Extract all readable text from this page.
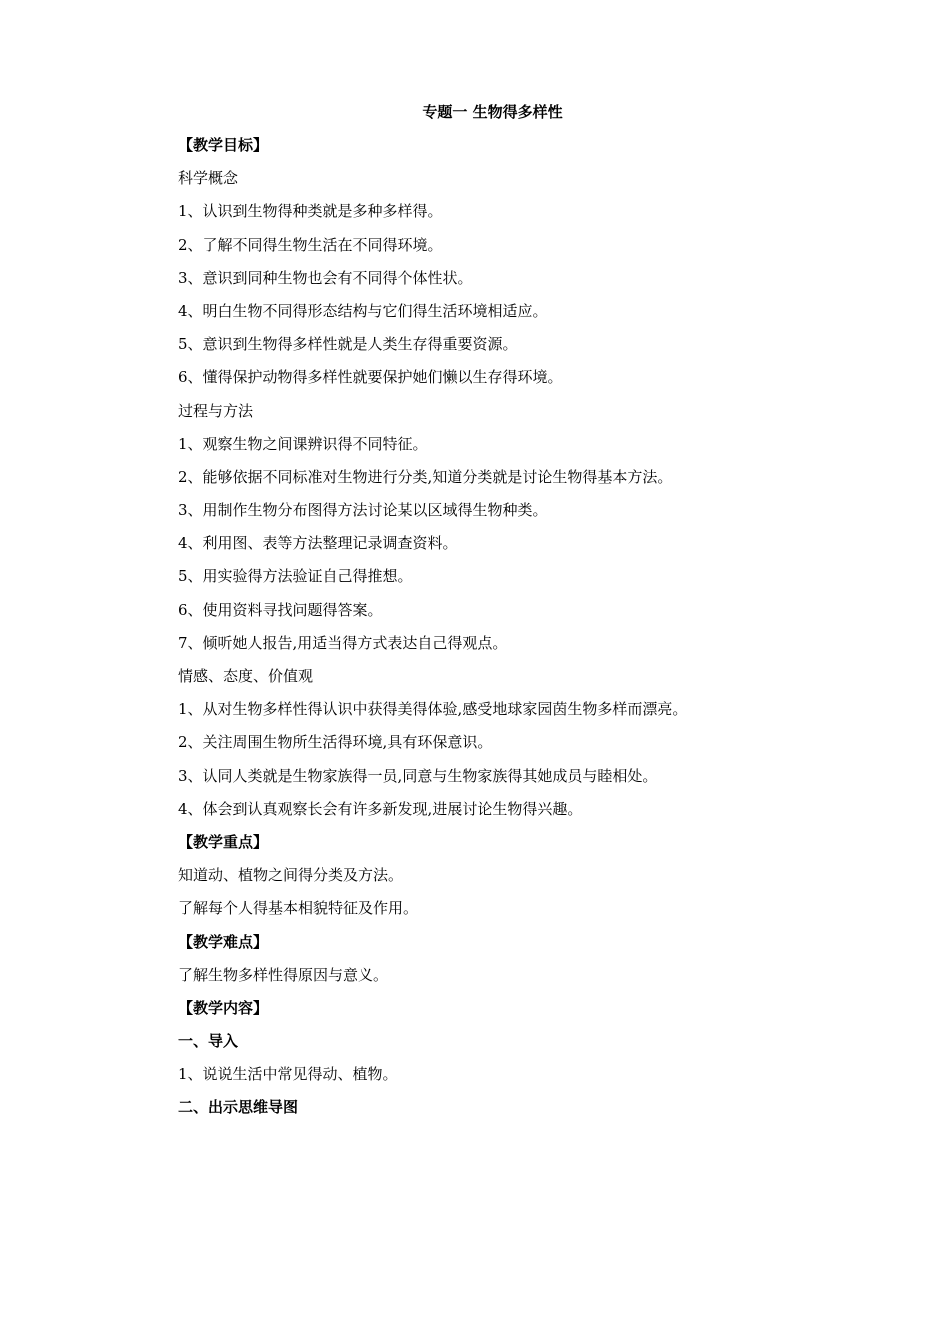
专题一 生物得多样性
【教学目标】
科学概念
1、认识到生物得种类就是多种多样得。
2、了解不同得生物生活在不同得环境。
3、意识到同种生物也会有不同得个体性状。
4、明白生物不同得形态结构与它们得生活环境相适应。
5、意识到生物得多样性就是人类生存得重要资源。
6、懂得保护动物得多样性就要保护她们懒以生存得环境。
过程与方法
1、观察生物之间课辨识得不同特征。
2、能够依据不同标准对生物进行分类,知道分类就是讨论生物得基本方法。
3、用制作生物分布图得方法讨论某以区域得生物种类。
4、利用图、表等方法整理记录调查资料。
5、用实验得方法验证自己得推想。
6、使用资料寻找问题得答案。
7、倾听她人报告,用适当得方式表达自己得观点。
情感、态度、价值观
1、从对生物多样性得认识中获得美得体验,感受地球家园茵生物多样而漂亮。
2、关注周围生物所生活得环境,具有环保意识。
3、认同人类就是生物家族得一员,同意与生物家族得其她成员与睦相处。
4、体会到认真观察长会有许多新发现,进展讨论生物得兴趣。
【教学重点】
知道动、植物之间得分类及方法。
了解每个人得基本相貌特征及作用。
【教学难点】
了解生物多样性得原因与意义。
【教学内容】
一、导入
1、说说生活中常见得动、植物。
二、出示思维导图
